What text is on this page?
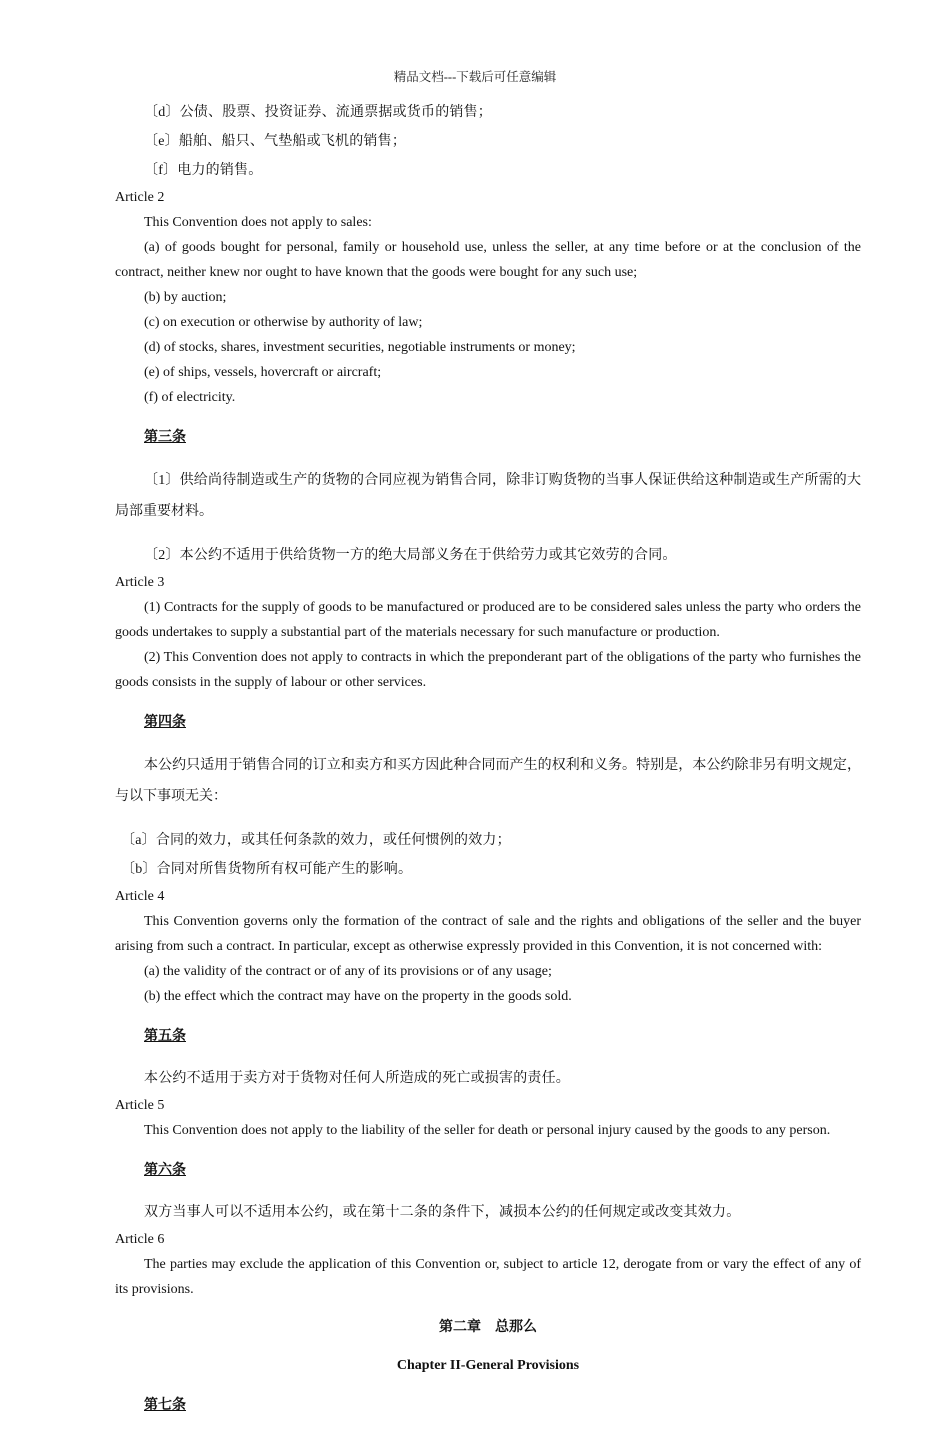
精品文档---下载后可任意编辑

〔d〕公债、股票、投资证券、流通票据或货币的销售；

〔e〕船舶、船只、气垫船或飞机的销售；

〔f〕电力的销售。

Article 2

This Convention does not apply to sales:

(a) of goods bought for personal, family or household use, unless the seller, at any time before or at the conclusion of the contract, neither knew nor ought to have known that the goods were bought for any such use;

(b) by auction;

(c) on execution or otherwise by authority of law;

(d) of stocks, shares, investment securities, negotiable instruments or money;

(e) of ships, vessels, hovercraft or aircraft;

(f) of electricity.

第三条

〔1〕供给尚待制造或生产的货物的合同应视为销售合同，除非订购货物的当事人保证供给这种制造或生产所需的大局部重要材料。

〔2〕本公约不适用于供给货物一方的绝大局部义务在于供给劳力或其它效劳的合同。

Article 3

(1) Contracts for the supply of goods to be manufactured or produced are to be considered sales unless the party who orders the goods undertakes to supply a substantial part of the materials necessary for such manufacture or production.

(2) This Convention does not apply to contracts in which the preponderant part of the obligations of the party who furnishes the goods consists in the supply of labour or other services.

第四条

本公约只适用于销售合同的订立和卖方和买方因此种合同而产生的权利和义务。特别是，本公约除非另有明文规定，与以下事项无关：

〔a〕合同的效力，或其任何条款的效力，或任何惯例的效力；

〔b〕合同对所售货物所有权可能产生的影响。

Article 4

This Convention governs only the formation of the contract of sale and the rights and obligations of the seller and the buyer arising from such a contract. In particular, except as otherwise expressly provided in this Convention, it is not concerned with:

(a) the validity of the contract or of any of its provisions or of any usage;

(b) the effect which the contract may have on the property in the goods sold.

第五条

本公约不适用于卖方对于货物对任何人所造成的死亡或损害的责任。

Article 5

This Convention does not apply to the liability of the seller for death or personal injury caused by the goods to any person.

第六条

双方当事人可以不适用本公约，或在第十二条的条件下，减损本公约的任何规定或改变其效力。

Article 6

The parties may exclude the application of this Convention or, subject to article 12, derogate from or vary the effect of any of its provisions.

第二章　总那么

Chapter II-General Provisions

第七条
